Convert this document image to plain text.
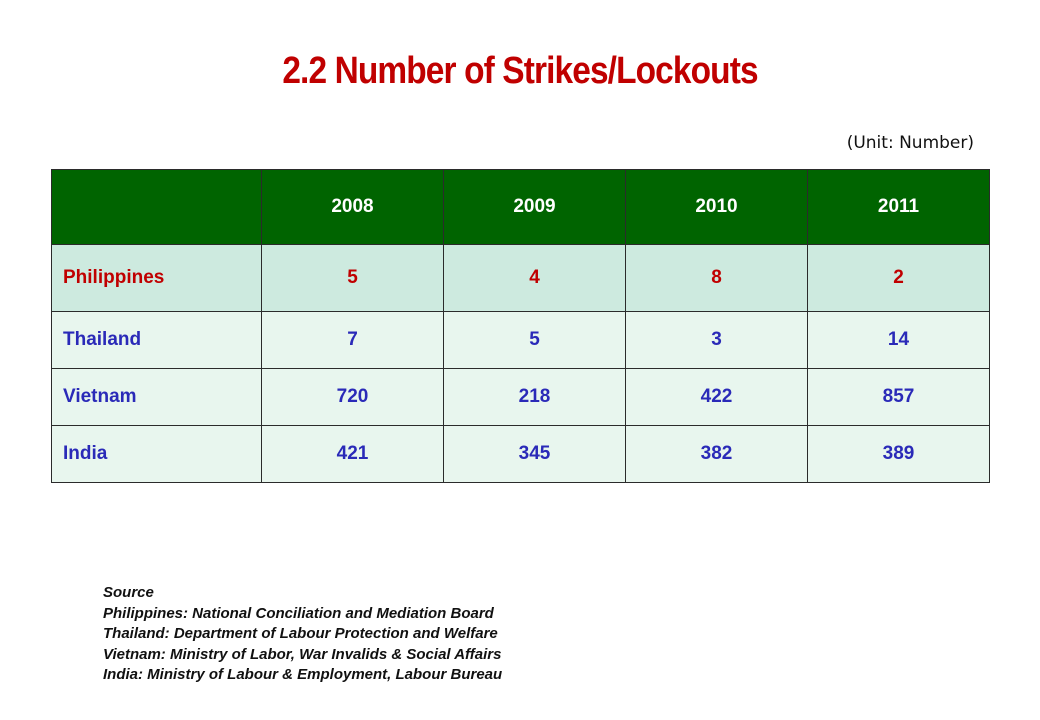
2.2 Number of Strikes/Lockouts
(Unit: Number)
	2008	2009	2010	2011
Philippines	5	4	8	2
Thailand	7	5	3	14
Vietnam	720	218	422	857
India	421	345	382	389
Source
Philippines: National Conciliation and Mediation Board
Thailand: Department of Labour Protection and Welfare
Vietnam: Ministry of Labor, War Invalids & Social Affairs
India: Ministry of Labour & Employment, Labour Bureau
